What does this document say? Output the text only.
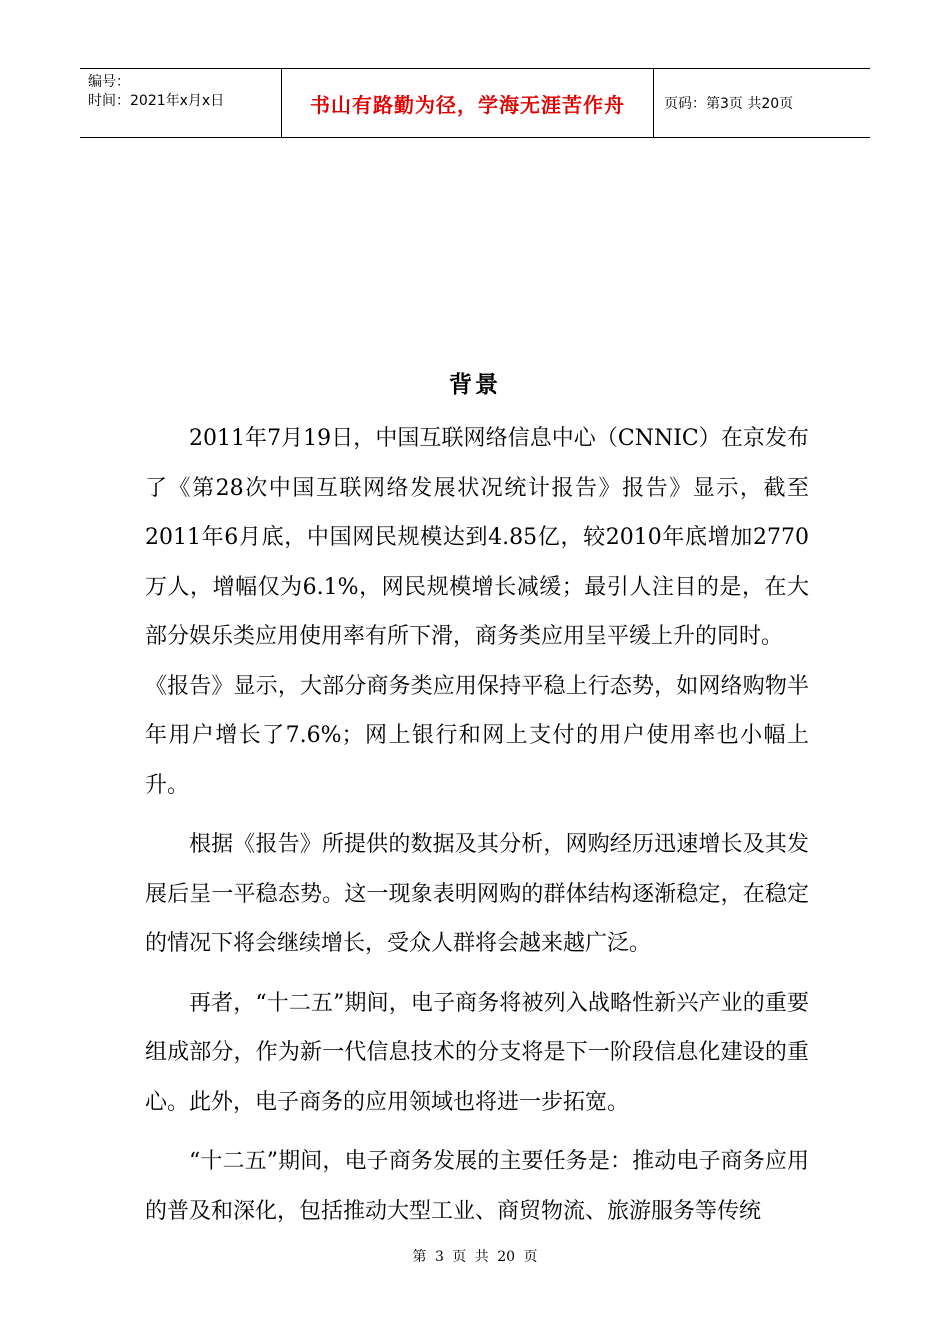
编号：
时间：2021年x月x日	书山有路勤为径，学海无涯苦作舟	页码：第3页 共20页
背景

2011年7月19日，中国互联网络信息中心（CNNIC）在京发布了《第28次中国互联网络发展状况统计报告》报告》显示，截至2011年6月底，中国网民规模达到4.85亿，较2010年底增加2770万人，增幅仅为6.1%，网民规模增长减缓；最引人注目的是，在大部分娱乐类应用使用率有所下滑，商务类应用呈平缓上升的同时。

《报告》显示，大部分商务类应用保持平稳上行态势，如网络购物半年用户增长了7.6%；网上银行和网上支付的用户使用率也小幅上升。

根据《报告》所提供的数据及其分析，网购经历迅速增长及其发展后呈一平稳态势。这一现象表明网购的群体结构逐渐稳定，在稳定的情况下将会继续增长，受众人群将会越来越广泛。

再者，“十二五”期间，电子商务将被列入战略性新兴产业的重要组成部分，作为新一代信息技术的分支将是下一阶段信息化建设的重心。此外，电子商务的应用领域也将进一步拓宽。

“十二五”期间，电子商务发展的主要任务是：推动电子商务应用的普及和深化，包括推动大型工业、商贸物流、旅游服务等传统

第 3 页 共 20 页
